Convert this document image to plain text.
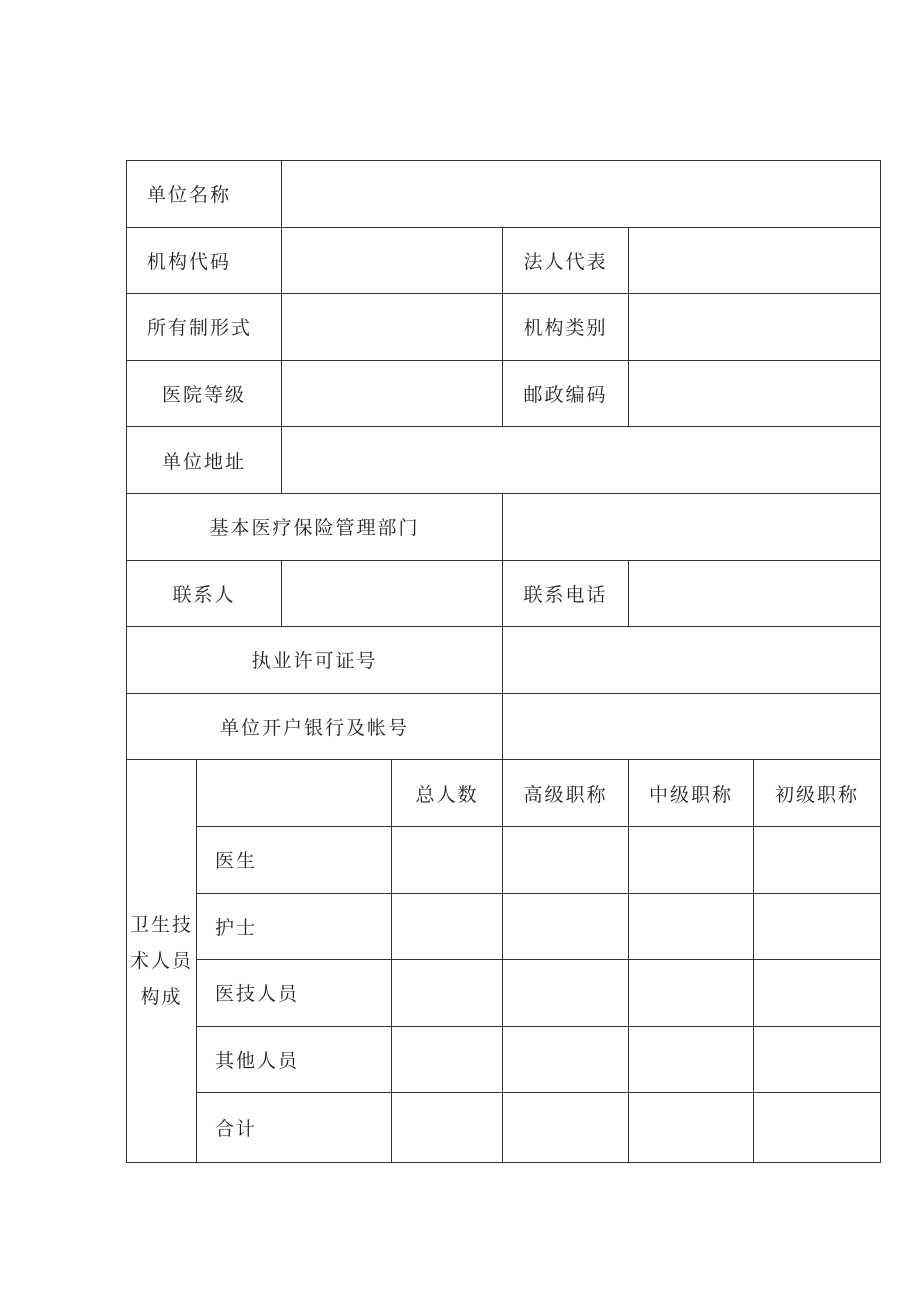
单位名称						
机构代码				法人代表		
所有制形式				机构类别		
医院等级				邮政编码		
单位地址						
基本医疗保险管理部门						
联系人				联系电话		
执业许可证号						
单位开户银行及帐号						

卫生技
术人员
构成			总人数	高级职称	中级职称	初级职称
	医生					
	护士					
	医技人员					
	其他人员					
	合计					
